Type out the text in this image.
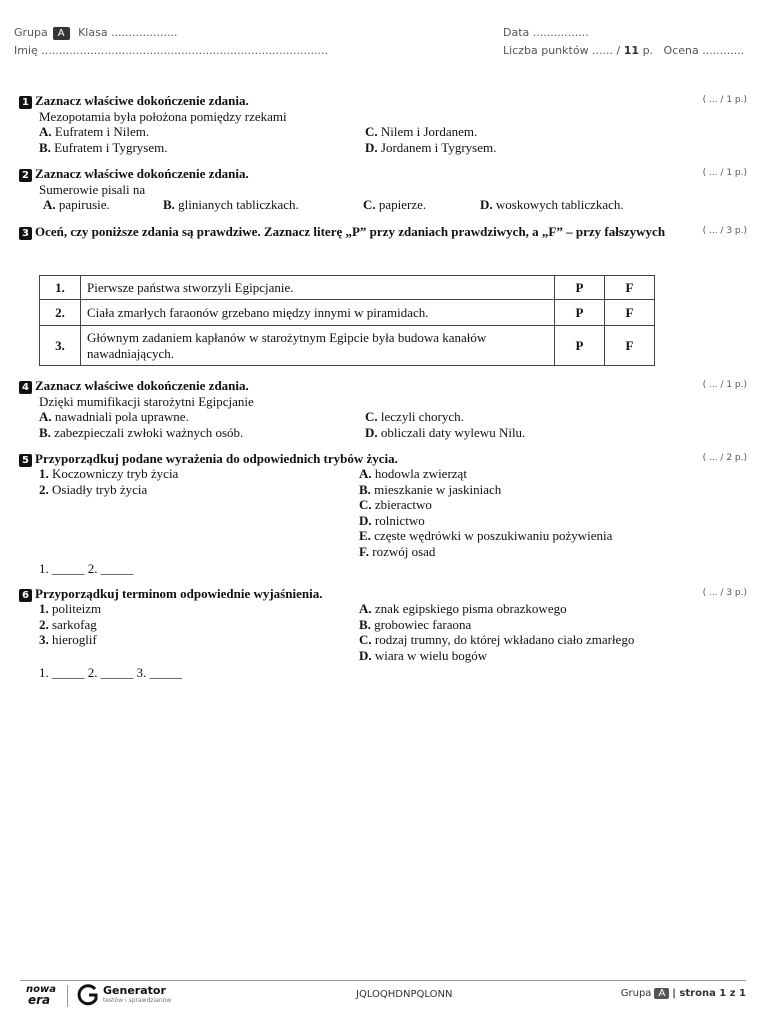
Grupa A Klasa ...................
Imię ..................................................................................
Data ................
Liczba punktów ...... / 11 p. Ocena ............
1 Zaznacz właściwe dokończenie zdania.	( ... / 1 p.)
Mezopotamia była położona pomiędzy rzekami
A. Eufratem i Nilem.	C. Nilem i Jordanem.
B. Eufratem i Tygrysem.	D. Jordanem i Tygrysem.
2 Zaznacz właściwe dokończenie zdania.	( ... / 1 p.)
Sumerowie pisali na
A. papirusie.	B. glinianych tabliczkach.	C. papierze.	D. woskowych tabliczkach.
3 Oceń, czy poniższe zdania są prawdziwe. Zaznacz literę „P” przy zdaniach prawdziwych, a „F” – przy fałszywych	( ... / 3 p.)
1.	Pierwsze państwa stworzyli Egipcjanie.	P	F
2.	Ciała zmarłych faraonów grzebano między innymi w piramidach.	P	F
3.	Głównym zadaniem kapłanów w starożytnym Egipcie była budowa kanałów nawadniających.	P	F
4 Zaznacz właściwe dokończenie zdania.	( ... / 1 p.)
Dzięki mumifikacji starożytni Egipcjanie
A. nawadniali pola uprawne.	C. leczyli chorych.
B. zabezpieczali zwłoki ważnych osób.	D. obliczali daty wylewu Nilu.
5 Przyporządkuj podane wyrażenia do odpowiednich trybów życia.	( ... / 2 p.)
1. Koczowniczy tryb życia
2. Osiadły tryb życia
A. hodowla zwierząt
B. mieszkanie w jaskiniach
C. zbieractwo
D. rolnictwo
E. częste wędrówki w poszukiwaniu pożywienia
F. rozwój osad
1. _____ 2. _____
6 Przyporządkuj terminom odpowiednie wyjaśnienia.	( ... / 3 p.)
1. politeizm
2. sarkofag
3. hieroglif
A. znak egipskiego pisma obrazkowego
B. grobowiec faraona
C. rodzaj trumny, do której wkładano ciało zmarłego
D. wiara w wielu bogów
1. _____ 2. _____ 3. _____
nowa
era
Generator
testów i sprawdzianów
JQLOQHDNPQLONN	Grupa A | strona 1 z 1
